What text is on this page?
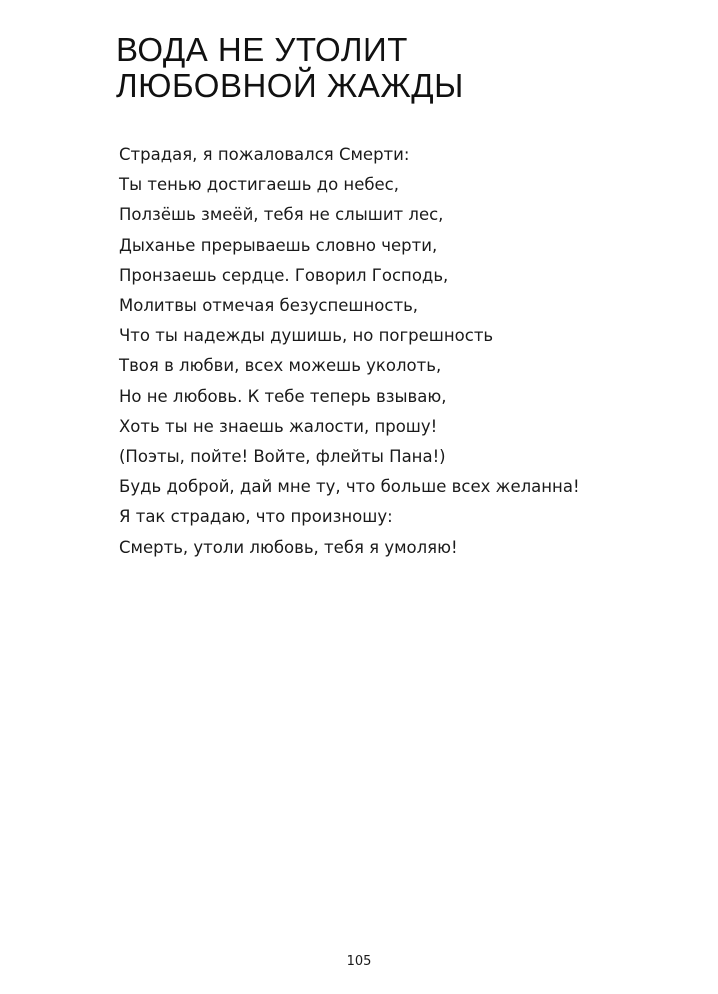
ВОДА НЕ УТОЛИТ
ЛЮБОВНОЙ ЖАЖДЫ
Страдая, я пожаловался Смерти:
Ты тенью достигаешь до небес,
Ползёшь змеёй, тебя не слышит лес,
Дыханье прерываешь словно черти,
Пронзаешь сердце. Говорил Господь,
Молитвы отмечая безуспешность,
Что ты надежды душишь, но погрешность
Твоя в любви, всех можешь уколоть,
Но не любовь. К тебе теперь взываю,
Хоть ты не знаешь жалости, прошу!
(Поэты, пойте! Войте, флейты Пана!)
Будь доброй, дай мне ту, что больше всех желанна!
Я так страдаю, что произношу:
Смерть, утоли любовь, тебя я умоляю!
105
